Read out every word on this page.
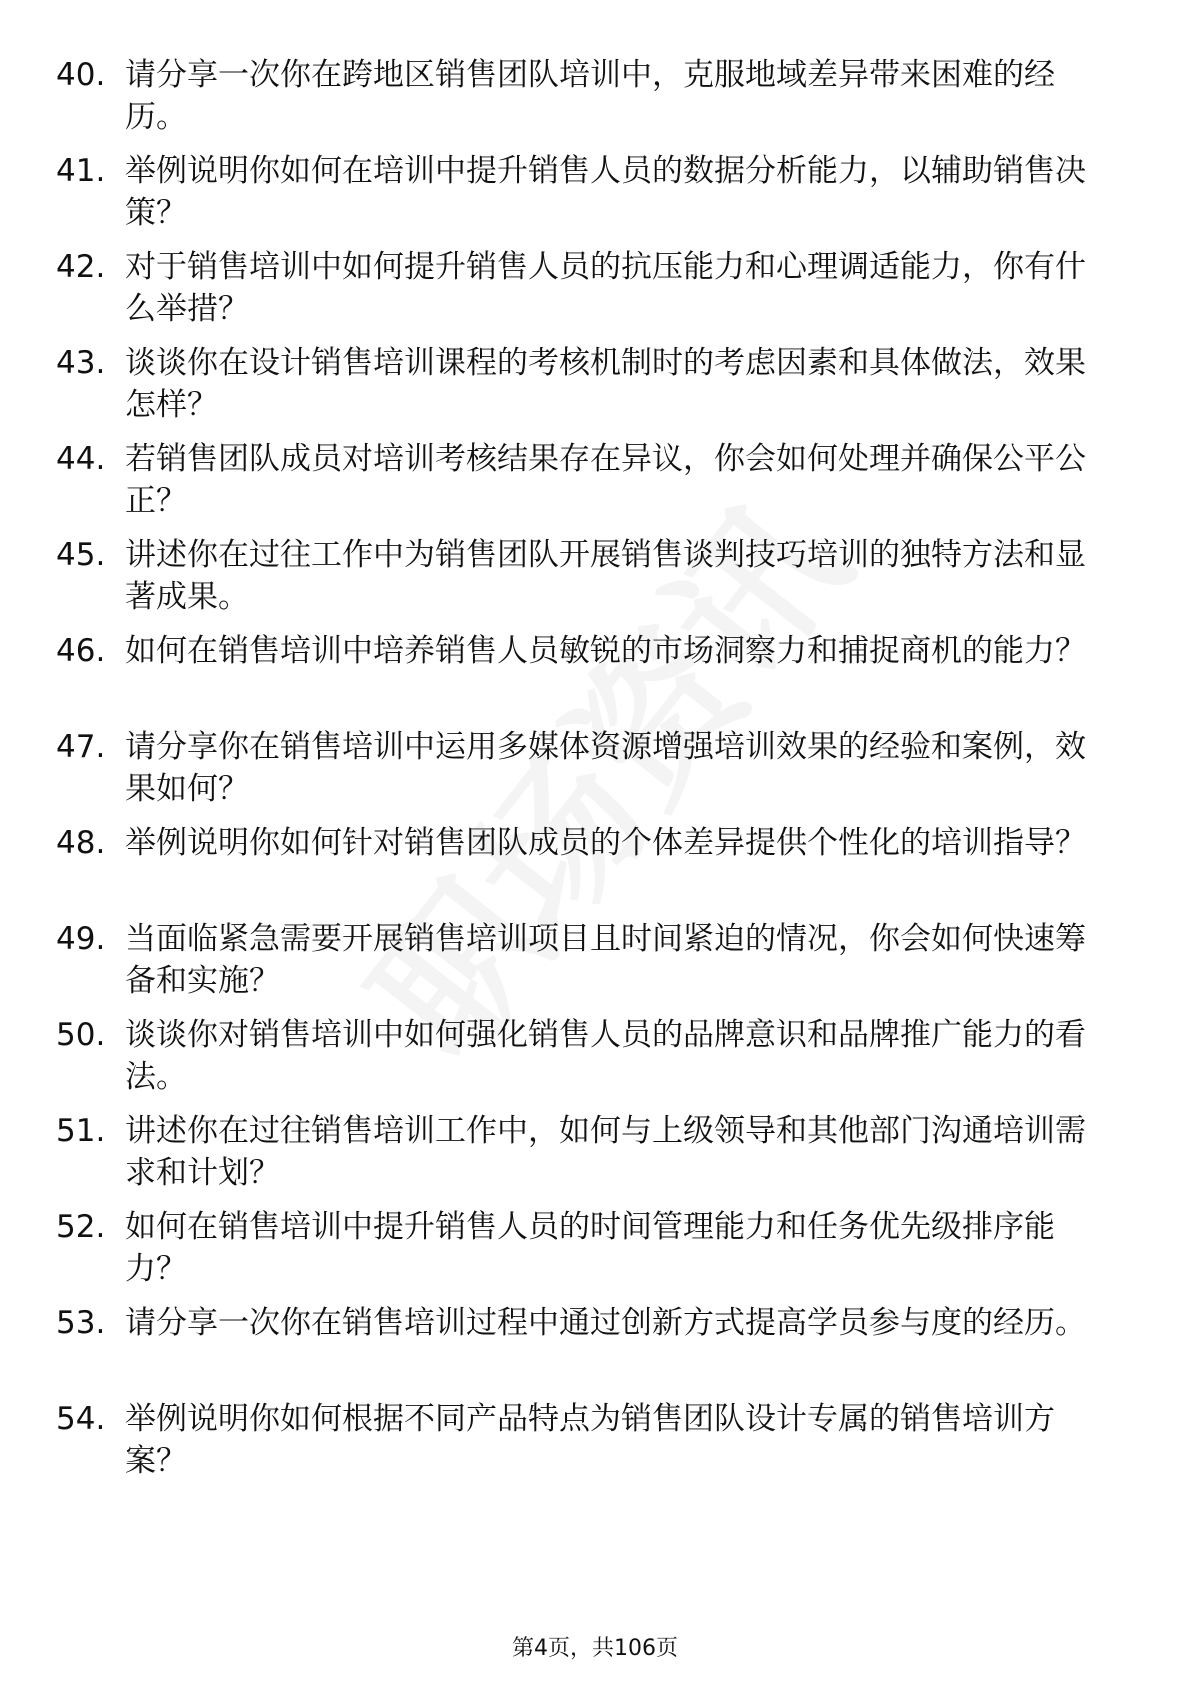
40. 请分享一次你在跨地区销售团队培训中，克服地域差异带来困难的经历。
41. 举例说明你如何在培训中提升销售人员的数据分析能力，以辅助销售决策？
42. 对于销售培训中如何提升销售人员的抗压能力和心理调适能力，你有什么举措？
43. 谈谈你在设计销售培训课程的考核机制时的考虑因素和具体做法，效果怎样？
44. 若销售团队成员对培训考核结果存在异议，你会如何处理并确保公平公正？
45. 讲述你在过往工作中为销售团队开展销售谈判技巧培训的独特方法和显著成果。
46. 如何在销售培训中培养销售人员敏锐的市场洞察力和捕捉商机的能力？
47. 请分享你在销售培训中运用多媒体资源增强培训效果的经验和案例，效果如何？
48. 举例说明你如何针对销售团队成员的个体差异提供个性化的培训指导？
49. 当面临紧急需要开展销售培训项目且时间紧迫的情况，你会如何快速筹备和实施？
50. 谈谈你对销售培训中如何强化销售人员的品牌意识和品牌推广能力的看法。
51. 讲述你在过往销售培训工作中，如何与上级领导和其他部门沟通培训需求和计划？
52. 如何在销售培训中提升销售人员的时间管理能力和任务优先级排序能力？
53. 请分享一次你在销售培训过程中通过创新方式提高学员参与度的经历。
54. 举例说明你如何根据不同产品特点为销售团队设计专属的销售培训方案？
第4页，共106页
